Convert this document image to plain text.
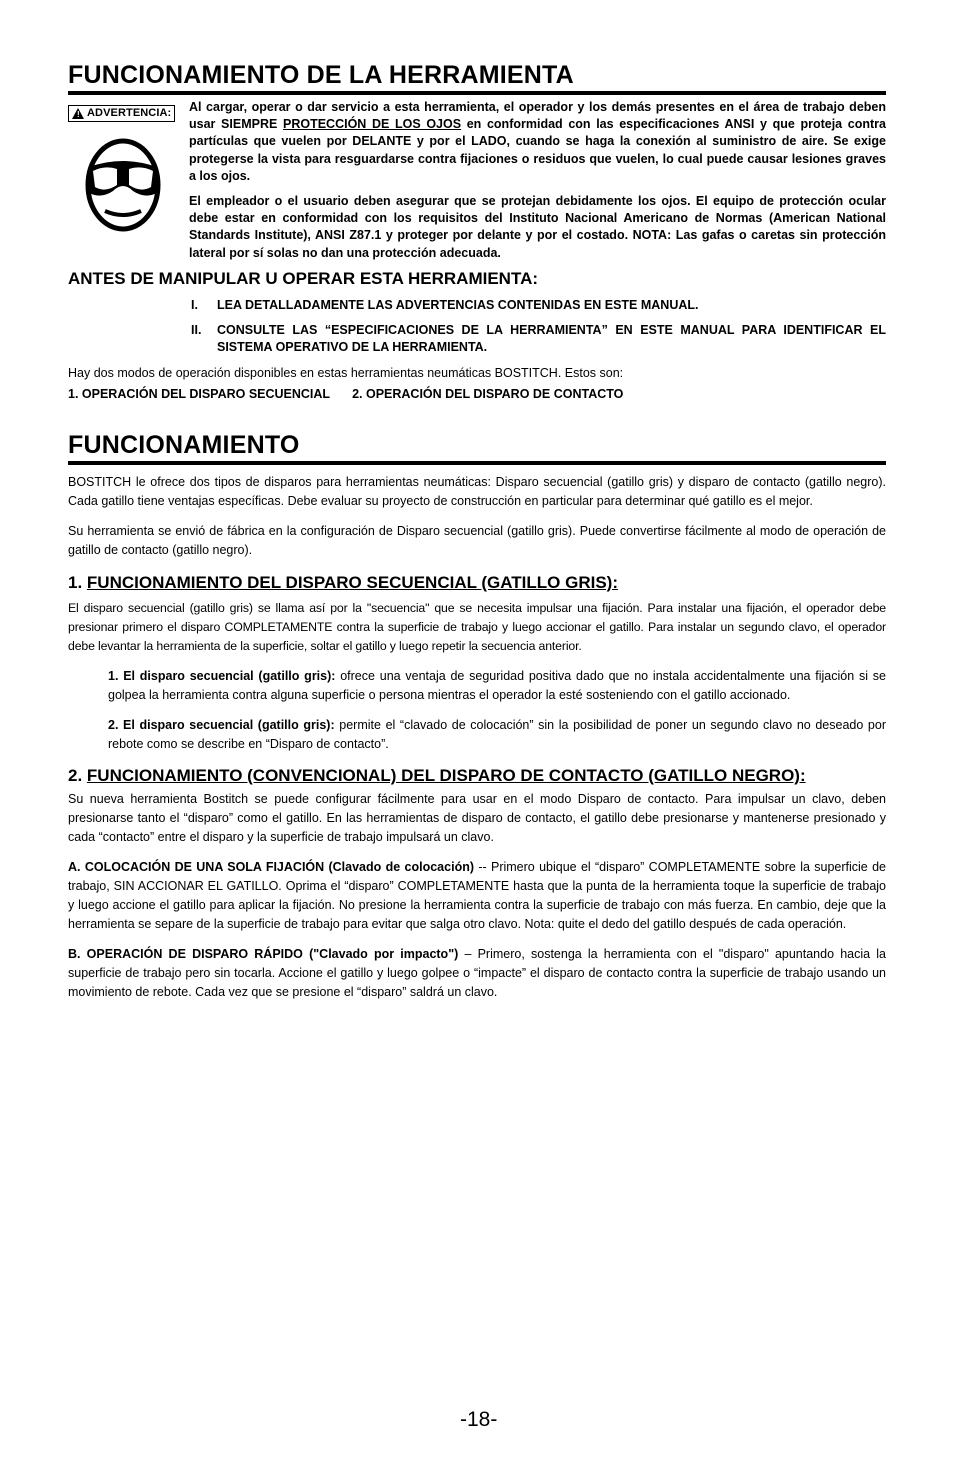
FUNCIONAMIENTO DE LA HERRAMIENTA
! ADVERTENCIA: Al cargar, operar o dar servicio a esta herramienta, el operador y los demás presentes en el área de trabajo deben usar SIEMPRE PROTECCIÓN DE LOS OJOS en conformidad con las especificaciones ANSI y que proteja contra partículas que vuelen por DELANTE y por el LADO, cuando se haga la conexión al suministro de aire. Se exige protegerse la vista para resguardarse contra fijaciones o residuos que vuelen, lo cual puede causar lesiones graves a los ojos.

El empleador o el usuario deben asegurar que se protejan debidamente los ojos. El equipo de protección ocular debe estar en conformidad con los requisitos del Instituto Nacional Americano de Normas (American National Standards Institute), ANSI Z87.1 y proteger por delante y por el costado. NOTA: Las gafas o caretas sin protección lateral por sí solas no dan una protección adecuada.

ANTES DE MANIPULAR U OPERAR ESTA HERRAMIENTA:
I.	LEA DETALLADAMENTE LAS ADVERTENCIAS CONTENIDAS EN ESTE MANUAL.
II.	CONSULTE LAS “ESPECIFICACIONES DE LA HERRAMIENTA” EN ESTE MANUAL PARA IDENTIFICAR EL SISTEMA OPERATIVO DE LA HERRAMIENTA.

Hay dos modos de operación disponibles en estas herramientas neumáticas BOSTITCH. Estos son:

1. OPERACIÓN DEL DISPARO SECUENCIAL 2. OPERACIÓN DEL DISPARO DE CONTACTO

FUNCIONAMIENTO

BOSTITCH le ofrece dos tipos de disparos para herramientas neumáticas: Disparo secuencial (gatillo gris) y disparo de contacto (gatillo negro). Cada gatillo tiene ventajas específicas. Debe evaluar su proyecto de construcción en particular para determinar qué gatillo es el mejor.

Su herramienta se envió de fábrica en la configuración de Disparo secuencial (gatillo gris). Puede convertirse fácilmente al modo de operación de gatillo de contacto (gatillo negro).

1. FUNCIONAMIENTO DEL DISPARO SECUENCIAL (GATILLO GRIS):

El disparo secuencial (gatillo gris) se llama así por la "secuencia" que se necesita impulsar una fijación. Para instalar una fijación, el operador debe presionar primero el disparo COMPLETAMENTE contra la superficie de trabajo y luego accionar el gatillo. Para instalar un segundo clavo, el operador debe levantar la herramienta de la superficie, soltar el gatillo y luego repetir la secuencia anterior.

1. El disparo secuencial (gatillo gris): ofrece una ventaja de seguridad positiva dado que no instala accidentalmente una fijación si se golpea la herramienta contra alguna superficie o persona mientras el operador la esté sosteniendo con el gatillo accionado.

2. El disparo secuencial (gatillo gris): permite el “clavado de colocación” sin la posibilidad de poner un segundo clavo no deseado por rebote como se describe en “Disparo de contacto”.

2. FUNCIONAMIENTO (CONVENCIONAL) DEL DISPARO DE CONTACTO (GATILLO NEGRO):

Su nueva herramienta Bostitch se puede configurar fácilmente para usar en el modo Disparo de contacto. Para impulsar un clavo, deben presionarse tanto el “disparo” como el gatillo. En las herramientas de disparo de contacto, el gatillo debe presionarse y mantenerse presionado y cada “contacto” entre el disparo y la superficie de trabajo impulsará un clavo.

A. COLOCACIÓN DE UNA SOLA FIJACIÓN (Clavado de colocación) -- Primero ubique el “disparo” COMPLETAMENTE sobre la superficie de trabajo, SIN ACCIONAR EL GATILLO. Oprima el “disparo” COMPLETAMENTE hasta que la punta de la herramienta toque la superficie de trabajo y luego accione el gatillo para aplicar la fijación. No presione la herramienta contra la superficie de trabajo con más fuerza. En cambio, deje que la herramienta se separe de la superficie de trabajo para evitar que salga otro clavo. Nota: quite el dedo del gatillo después de cada operación.

B. OPERACIÓN DE DISPARO RÁPIDO ("Clavado por impacto") – Primero, sostenga la herramienta con el "disparo" apuntando hacia la superficie de trabajo pero sin tocarla. Accione el gatillo y luego golpee o “impacte” el disparo de contacto contra la superficie de trabajo usando un movimiento de rebote. Cada vez que se presione el “disparo” saldrá un clavo.

-18-
